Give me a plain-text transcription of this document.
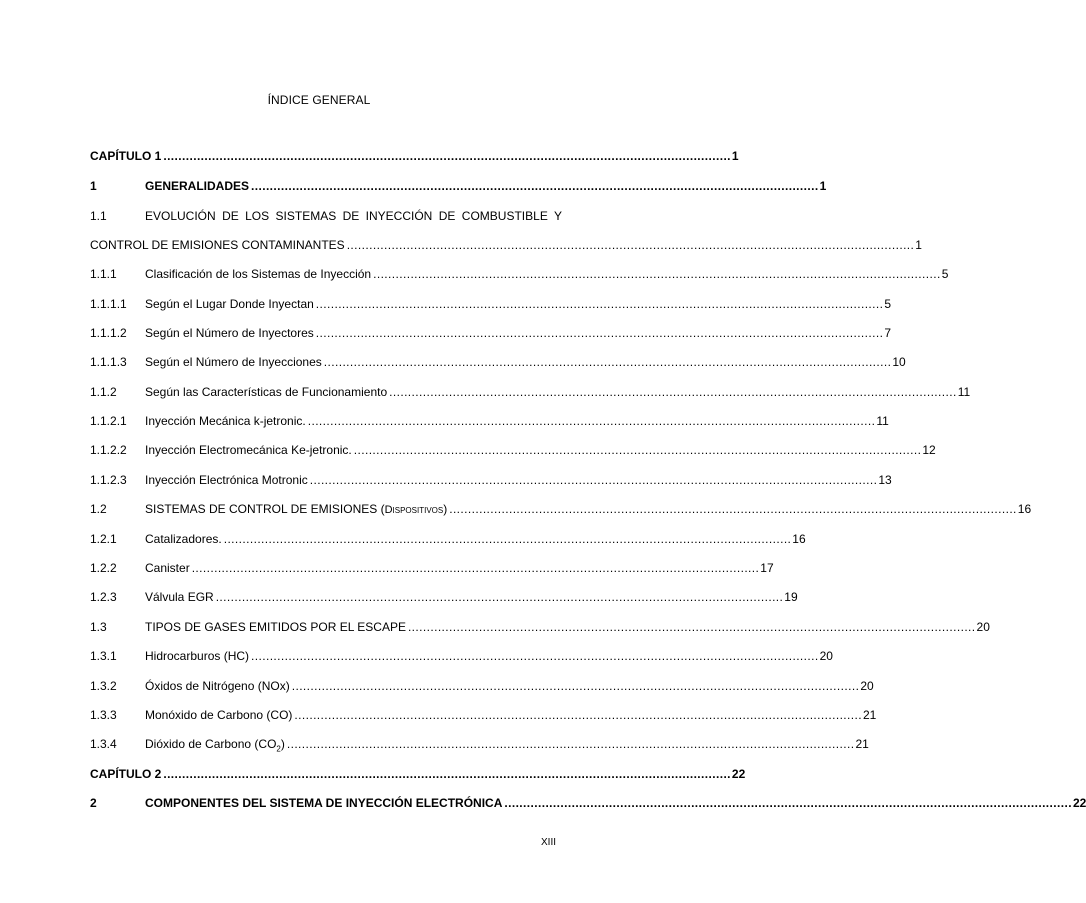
ÍNDICE GENERAL
CAPÍTULO 1 ........................................................................................................................................................ 1
1	GENERALIDADES ........................................................................................................................................................ 1
1.1	EVOLUCIÓN DE LOS SISTEMAS DE INYECCIÓN DE COMBUSTIBLE Y
CONTROL DE EMISIONES CONTAMINANTES ........................................................................................................................................................ 1
1.1.1	Clasificación de los Sistemas de Inyección ........................................................................................................................................................ 5
1.1.1.1	Según el Lugar Donde Inyectan ........................................................................................................................................................ 5
1.1.1.2	Según el Número de Inyectores ........................................................................................................................................................ 7
1.1.1.3	Según el Número de Inyecciones ........................................................................................................................................................ 10
1.1.2	Según las Características de Funcionamiento ........................................................................................................................................................ 11
1.1.2.1	Inyección Mecánica k-jetronic. ........................................................................................................................................................ 11
1.1.2.2	Inyección Electromecánica Ke-jetronic. ........................................................................................................................................................ 12
1.1.2.3	Inyección Electrónica Motronic ........................................................................................................................................................ 13
1.2	SISTEMAS DE CONTROL DE EMISIONES (Dispositivos) ........................................................................................................................................................ 16
1.2.1	Catalizadores. ........................................................................................................................................................ 16
1.2.2	Canister ........................................................................................................................................................ 17
1.2.3	Válvula EGR ........................................................................................................................................................ 19
1.3	TIPOS DE GASES EMITIDOS POR EL ESCAPE ........................................................................................................................................................ 20
1.3.1	Hidrocarburos (HC) ........................................................................................................................................................ 20
1.3.2	Óxidos de Nitrógeno (NOx) ........................................................................................................................................................ 20
1.3.3	Monóxido de Carbono (CO) ........................................................................................................................................................ 21
1.3.4	Dióxido de Carbono $(CO_2)$ ........................................................................................................................................................ 21
CAPÍTULO 2 ........................................................................................................................................................ 22
2	COMPONENTES DEL SISTEMA DE INYECCIÓN ELECTRÓNICA ........................................................................................................................................................ 22
XIII
